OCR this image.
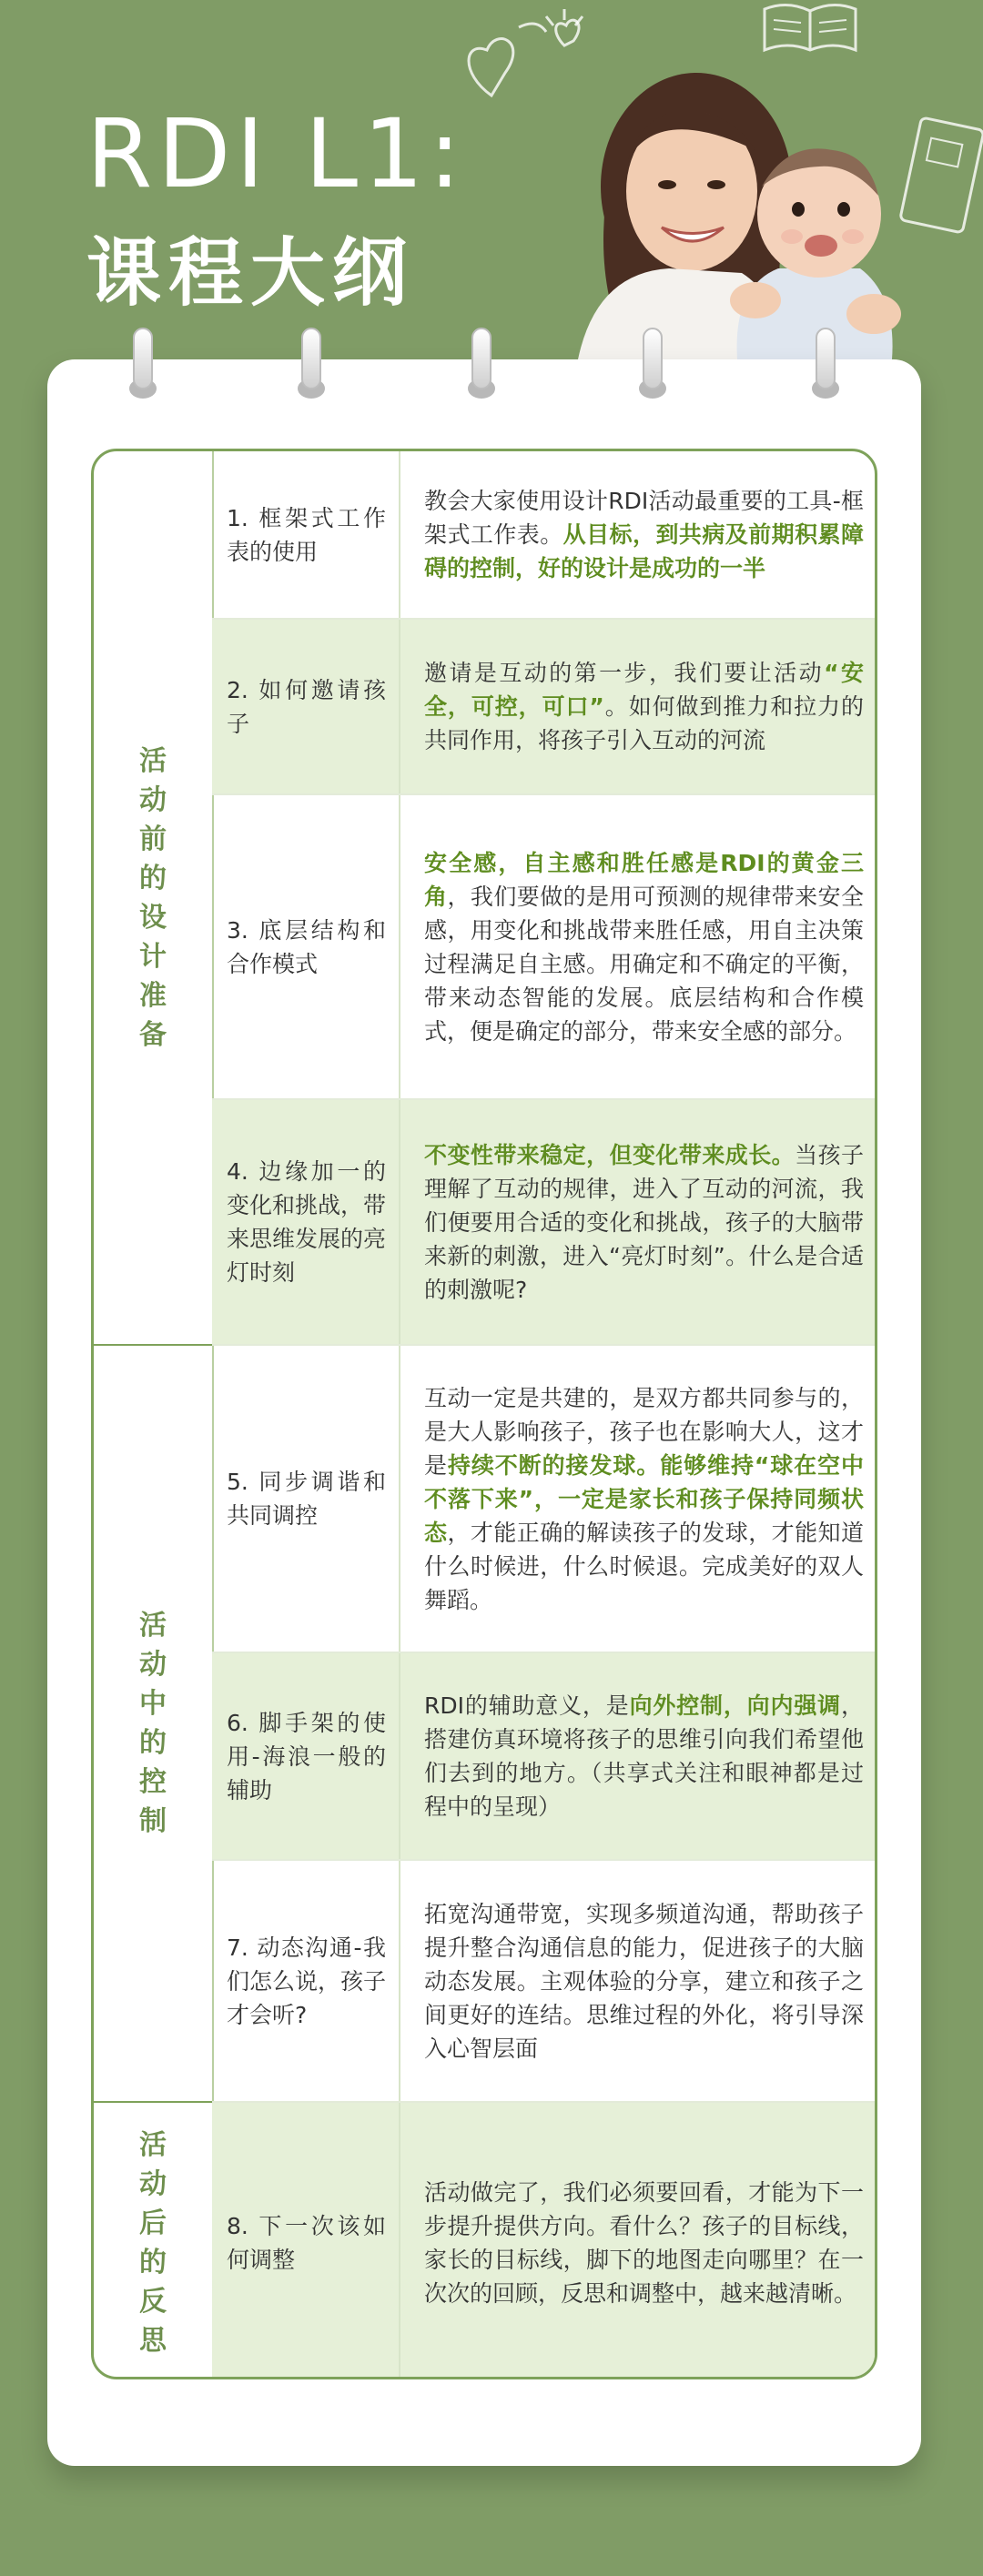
RDI L1:
课程大纲
活动前的设计准备
活动中的控制
活动后的反思
1. 框架式工作表的使用

教会大家使用设计RDI活动最重要的工具-框架式工作表。从目标，到共病及前期积累障碍的控制，好的设计是成功的一半

2. 如何邀请孩子

邀请是互动的第一步，我们要让活动“安全，可控，可口”。如何做到推力和拉力的共同作用，将孩子引入互动的河流

3. 底层结构和合作模式

安全感，自主感和胜任感是RDI的黄金三角，我们要做的是用可预测的规律带来安全感，用变化和挑战带来胜任感，用自主决策过程满足自主感。用确定和不确定的平衡，带来动态智能的发展。底层结构和合作模式，便是确定的部分，带来安全感的部分。

4. 边缘加一的变化和挑战，带来思维发展的亮灯时刻

不变性带来稳定，但变化带来成长。当孩子理解了互动的规律，进入了互动的河流，我们便要用合适的变化和挑战，孩子的大脑带来新的刺激，进入“亮灯时刻”。什么是合适的刺激呢?

5. 同步调谐和共同调控

互动一定是共建的，是双方都共同参与的，是大人影响孩子，孩子也在影响大人，这才是持续不断的接发球。能够维持“球在空中不落下来”，一定是家长和孩子保持同频状态，才能正确的解读孩子的发球，才能知道什么时候进，什么时候退。完成美好的双人舞蹈。

6. 脚手架的使用-海浪一般的辅助

RDI的辅助意义，是向外控制，向内强调，搭建仿真环境将孩子的思维引向我们希望他们去到的地方。（共享式关注和眼神都是过程中的呈现）

7. 动态沟通-我们怎么说，孩子才会听?

拓宽沟通带宽，实现多频道沟通，帮助孩子提升整合沟通信息的能力，促进孩子的大脑动态发展。主观体验的分享，建立和孩子之间更好的连结。思维过程的外化，将引导深入心智层面

8. 下一次该如何调整

活动做完了，我们必须要回看，才能为下一步提升提供方向。看什么？孩子的目标线，家长的目标线，脚下的地图走向哪里？在一次次的回顾，反思和调整中，越来越清晰。
